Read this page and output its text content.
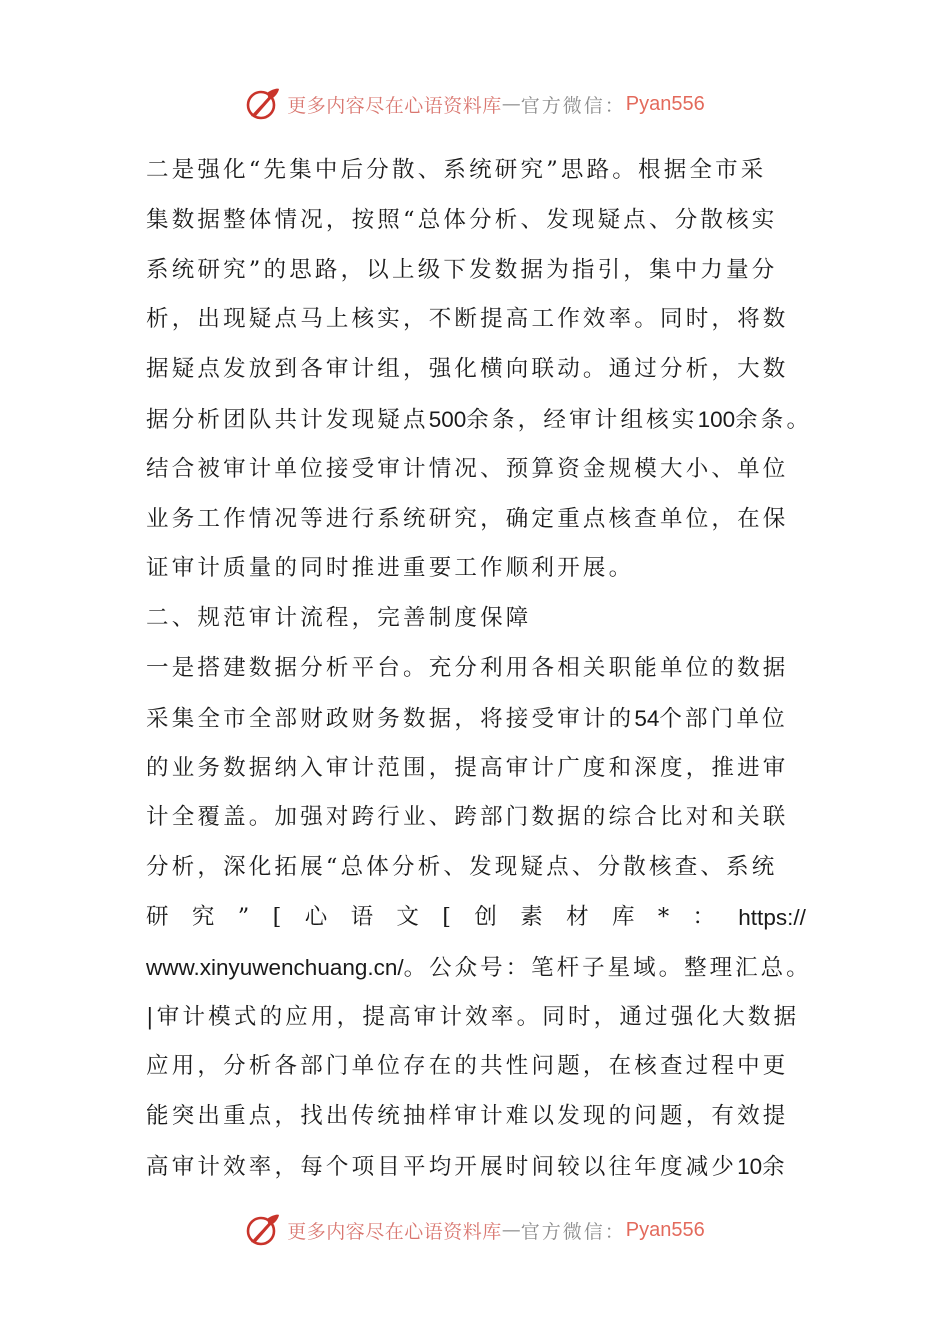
更多内容尽在心语资料库 — 官方微信： Pyan556
二是强化“先集中后分散、系统研究”思路。根据全市采
集数据整体情况，按照“总体分析、发现疑点、分散核实
系统研究”的思路，以上级下发数据为指引，集中力量分
析，出现疑点马上核实，不断提高工作效率。同时，将数
据疑点发放到各审计组，强化横向联动。通过分析，大数
据分析团队共计发现疑点500余条，经审计组核实100余条。
结合被审计单位接受审计情况、预算资金规模大小、单位
业务工作情况等进行系统研究，确定重点核查单位，在保
证审计质量的同时推进重要工作顺利开展。
二、规范审计流程，完善制度保障
一是搭建数据分析平台。充分利用各相关职能单位的数据
采集全市全部财政财务数据，将接受审计的54个部门单位
的业务数据纳入审计范围，提高审计广度和深度，推进审
计全覆盖。加强对跨行业、跨部门数据的综合比对和关联
分析，深化拓展“总体分析、发现疑点、分散核查、系统
研 究 ” [ 心 语 文 [ 创 素 材 库 * ： https://
www.xinyuwenchuang.cn/。公众号：笔杆子星域。整理汇总。
|审计模式的应用，提高审计效率。同时，通过强化大数据
应用，分析各部门单位存在的共性问题，在核查过程中更
能突出重点，找出传统抽样审计难以发现的问题，有效提
高审计效率，每个项目平均开展时间较以往年度减少10余
更多内容尽在心语资料库 — 官方微信： Pyan556
